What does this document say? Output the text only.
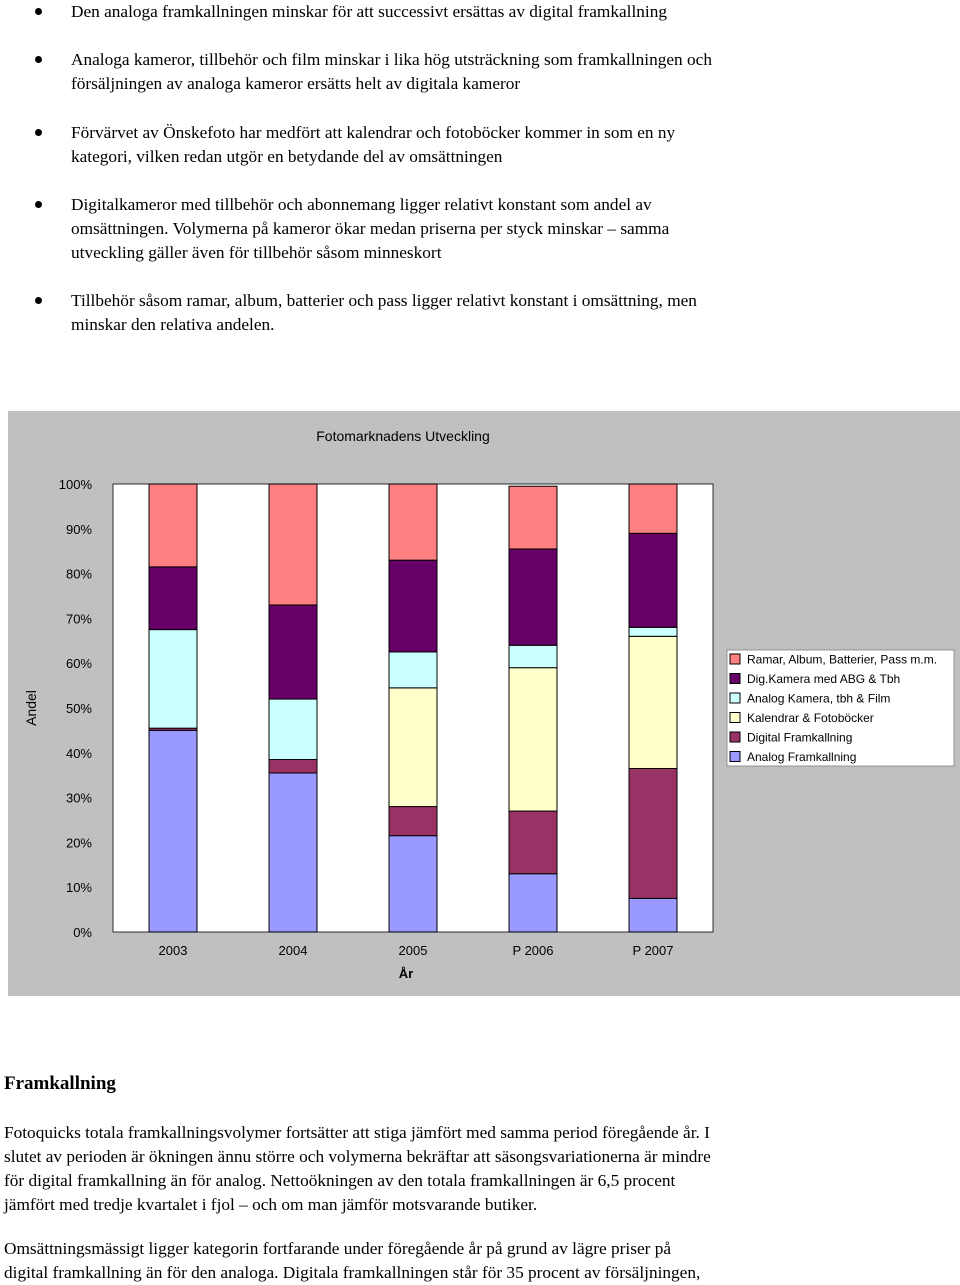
Den analoga framkallningen minskar för att successivt ersättas av digital framkallning
Analoga kameror, tillbehör och film minskar i lika hög utsträckning som framkallningen och
försäljningen av analoga kameror ersätts helt av digitala kameror
Förvärvet av Önskefoto har medfört att kalendrar och fotoböcker kommer in som en ny
kategori, vilken redan utgör en betydande del av omsättningen
Digitalkameror med tillbehör och abonnemang ligger relativt konstant som andel av
omsättningen. Volymerna på kameror ökar medan priserna per styck minskar – samma
utveckling gäller även för tillbehör såsom minneskort
Tillbehör såsom ramar, album, batterier och pass ligger relativt konstant i omsättning, men
minskar den relativa andelen.
Fotomarknadens Utveckling
0%
10%
20%
30%
40%
50%
60%
70%
80%
90%
100%
2003	2004	2005	P 2006	P 2007
Andel
År
Ramar, Album, Batterier, Pass m.m.
Dig.Kamera med ABG & Tbh
Analog Kamera, tbh & Film
Kalendrar & Fotoböcker
Digital Framkallning
Analog Framkallning
Framkallning
Fotoquicks totala framkallningsvolymer fortsätter att stiga jämfört med samma period föregående år. I
slutet av perioden är ökningen ännu större och volymerna bekräftar att säsongsvariationerna är mindre
för digital framkallning än för analog. Nettoökningen av den totala framkallningen är 6,5 procent
jämfört med tredje kvartalet i fjol – och om man jämför motsvarande butiker.
Omsättningsmässigt ligger kategorin fortfarande under föregående år på grund av lägre priser på
digital framkallning än för den analoga. Digitala framkallningen står för 35 procent av försäljningen,
